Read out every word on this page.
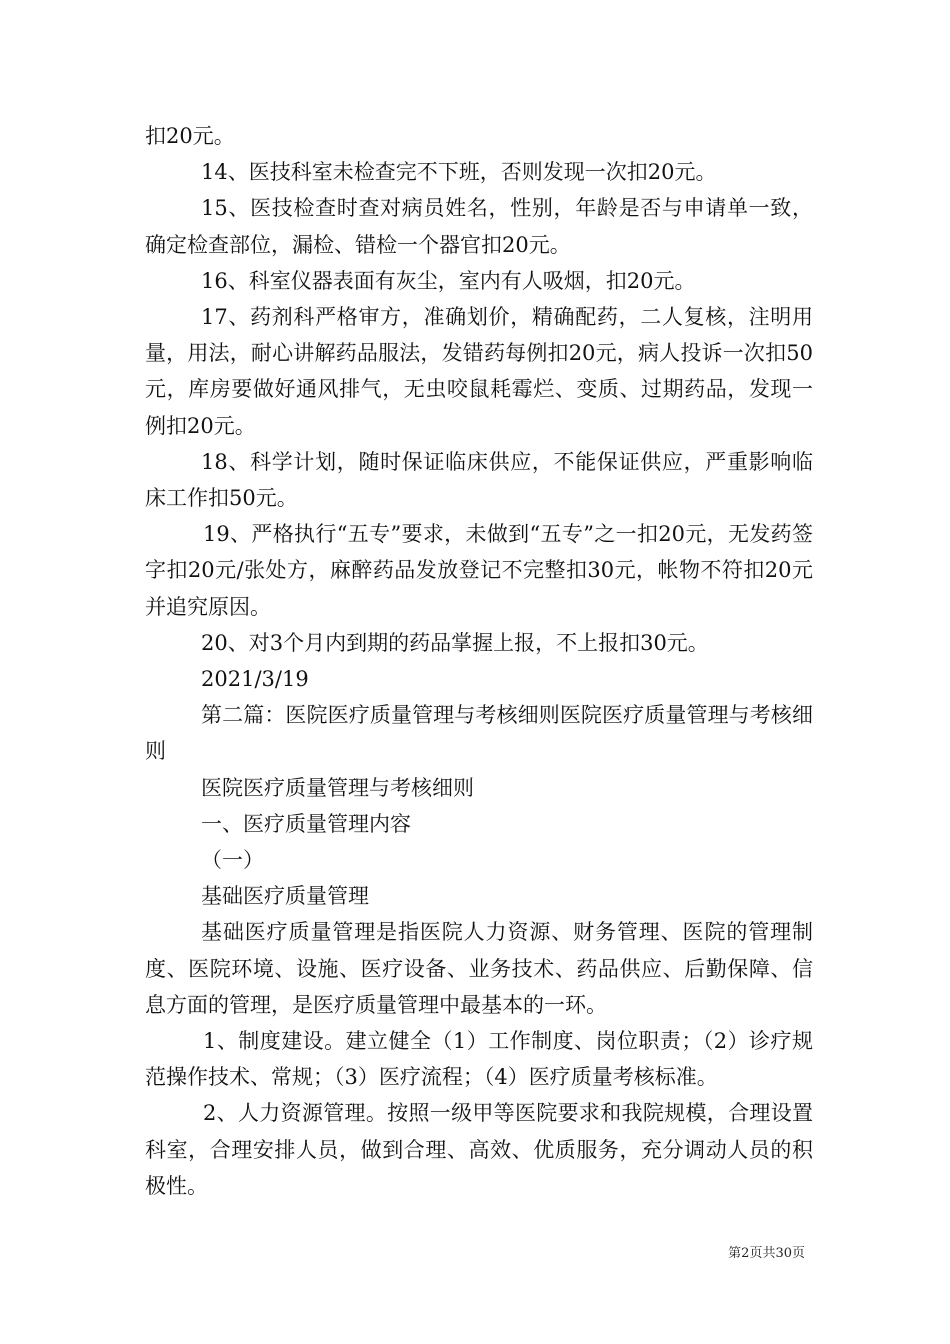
扣20元。

14、医技科室未检查完不下班，否则发现一次扣20元。

15、医技检查时查对病员姓名，性别，年龄是否与申请单一致，确定检查部位，漏检、错检一个器官扣20元。

16、科室仪器表面有灰尘，室内有人吸烟，扣20元。

17、药剂科严格审方，准确划价，精确配药，二人复核，注明用量，用法，耐心讲解药品服法，发错药每例扣20元，病人投诉一次扣50元，库房要做好通风排气，无虫咬鼠耗霉烂、变质、过期药品，发现一例扣20元。

18、科学计划，随时保证临床供应，不能保证供应，严重影响临床工作扣50元。

19、严格执行“五专”要求，未做到“五专”之一扣20元，无发药签字扣20元/张处方，麻醉药品发放登记不完整扣30元，帐物不符扣20元并追究原因。

20、对3个月内到期的药品掌握上报，不上报扣30元。

2021/3/19

第二篇：医院医疗质量管理与考核细则医院医疗质量管理与考核细则

医院医疗质量管理与考核细则

一、医疗质量管理内容

（一）

基础医疗质量管理

基础医疗质量管理是指医院人力资源、财务管理、医院的管理制度、医院环境、设施、医疗设备、业务技术、药品供应、后勤保障、信息方面的管理，是医疗质量管理中最基本的一环。

1、制度建设。建立健全（1）工作制度、岗位职责；（2）诊疗规范操作技术、常规；（3）医疗流程；（4）医疗质量考核标准。

2、人力资源管理。按照一级甲等医院要求和我院规模，合理设置科室，合理安排人员，做到合理、高效、优质服务，充分调动人员的积极性。

第2页共30页
